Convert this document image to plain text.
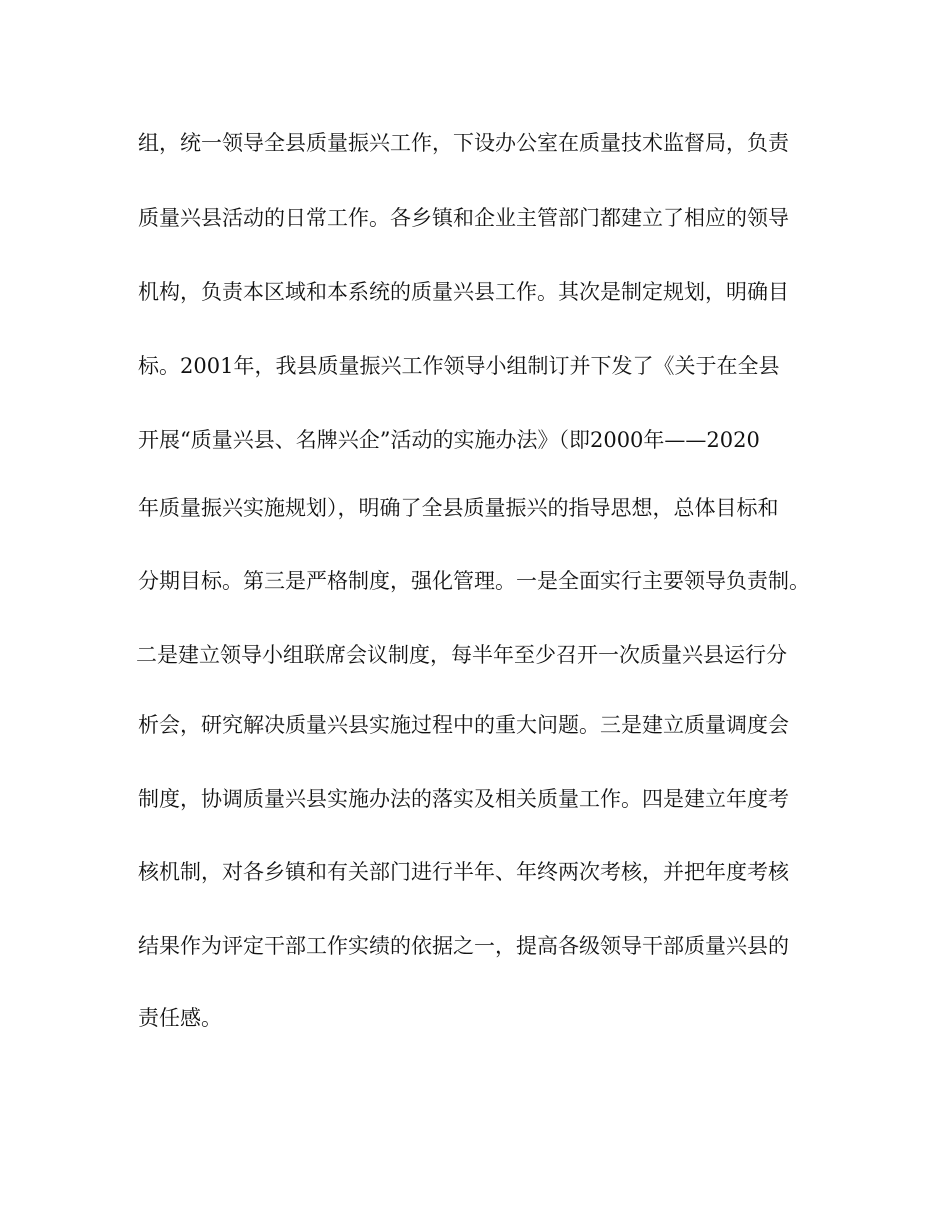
组，统一领导全县质量振兴工作，下设办公室在质量技术监督局，负责
质量兴县活动的日常工作。各乡镇和企业主管部门都建立了相应的领导
机构，负责本区域和本系统的质量兴县工作。其次是制定规划，明确目
标。2001年，我县质量振兴工作领导小组制订并下发了《关于在全县
开展“质量兴县、名牌兴企”活动的实施办法》（即2000年——2020
年质量振兴实施规划），明确了全县质量振兴的指导思想，总体目标和
分期目标。第三是严格制度，强化管理。一是全面实行主要领导负责制。
二是建立领导小组联席会议制度，每半年至少召开一次质量兴县运行分
析会，研究解决质量兴县实施过程中的重大问题。三是建立质量调度会
制度，协调质量兴县实施办法的落实及相关质量工作。四是建立年度考
核机制，对各乡镇和有关部门进行半年、年终两次考核，并把年度考核
结果作为评定干部工作实绩的依据之一，提高各级领导干部质量兴县的
责任感。
